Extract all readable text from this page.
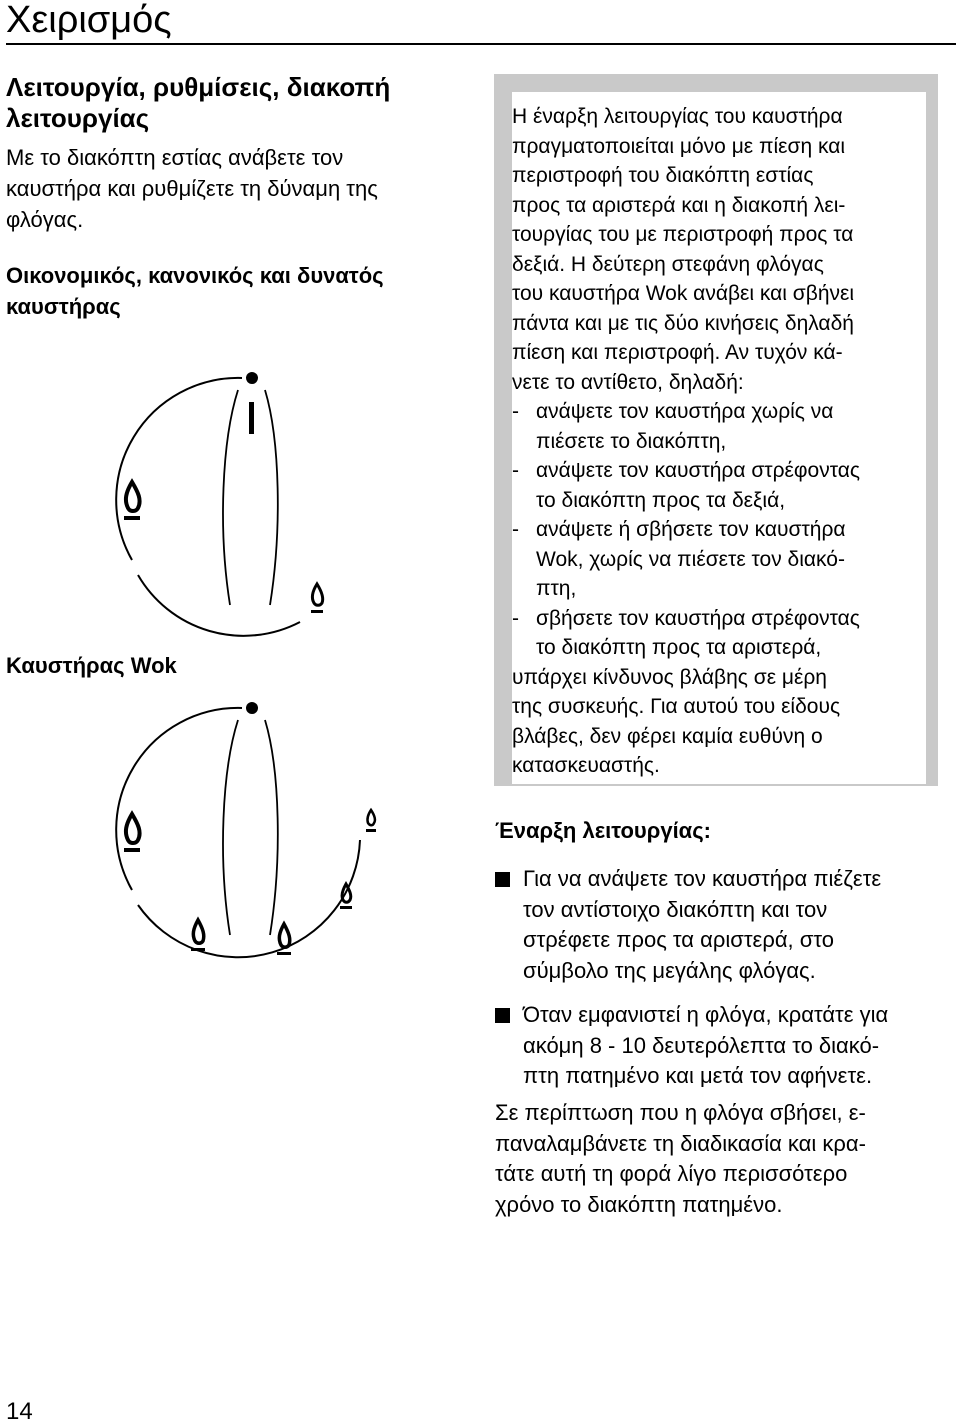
Χειρισμός

Λειτουργία, ρυθμίσεις, διακοπή

λειτουργίας

Με το διακόπτη εστίας ανάβετε τον

καυστήρα και ρυθμίζετε τη δύναμη της

φλόγας.

Οικονομικός, κανονικός και δυνατός

καυστήρας

Καυστήρας Wok

Η έναρξη λειτουργίας του καυστήρα
πραγματοποιείται μόνο με πίεση και
περιστροφή του διακόπτη εστίας
προς τα αριστερά και η διακοπή λει-
τουργίας του με περιστροφή προς τα
δεξιά. Η δεύτερη στεφάνη φλόγας
του καυστήρα Wok ανάβει και σβήνει
πάντα και με τις δύο κινήσεις δηλαδή
πίεση και περιστροφή. Αν τυχόν κά-
νετε το αντίθετο, δηλαδή:
- ανάψετε τον καυστήρα χωρίς να
πιέσετε το διακόπτη,
- ανάψετε τον καυστήρα στρέφοντας
το διακόπτη προς τα δεξιά,
- ανάψετε ή σβήσετε τον καυστήρα
Wok, χωρίς να πιέσετε τον διακό-
πτη,
- σβήσετε τον καυστήρα στρέφοντας
το διακόπτη προς τα αριστερά,
υπάρχει κίνδυνος βλάβης σε μέρη
της συσκευής. Για αυτού του είδους
βλάβες, δεν φέρει καμία ευθύνη ο
κατασκευαστής.

Έναρξη λειτουργίας:

Για να ανάψετε τον καυστήρα πιέζετε
τον αντίστοιχο διακόπτη και τον
στρέφετε προς τα αριστερά, στο
σύμβολο της μεγάλης φλόγας.
Όταν εμφανιστεί η φλόγα, κρατάτε για
ακόμη 8 - 10 δευτερόλεπτα το διακό-
πτη πατημένο και μετά τον αφήνετε.
Σε περίπτωση που η φλόγα σβήσει, ε-
παναλαμβάνετε τη διαδικασία και κρα-
τάτε αυτή τη φορά λίγο περισσότερο
χρόνο το διακόπτη πατημένο.
14
